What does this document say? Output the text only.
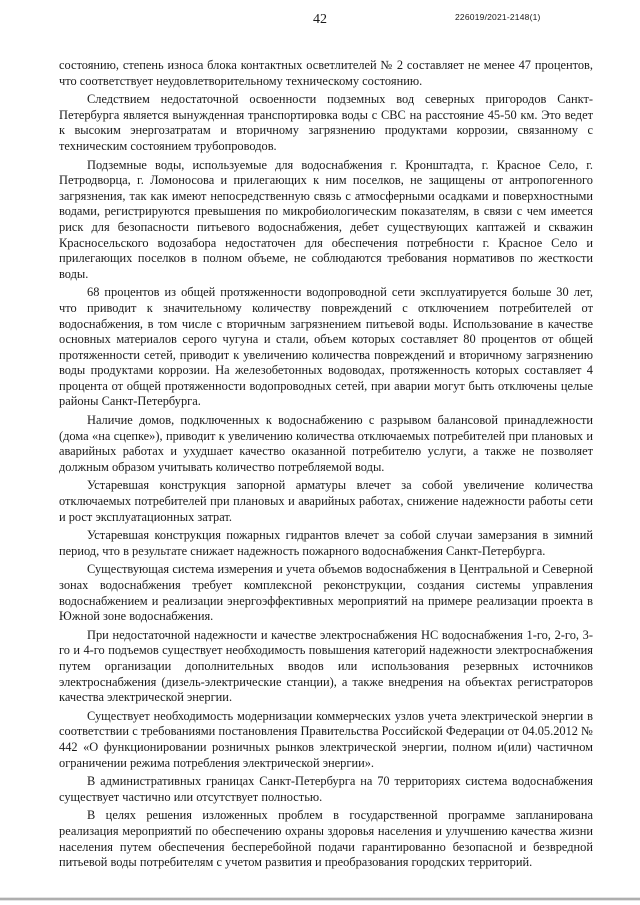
42	226019/2021-2148(1)

состоянию, степень износа блока контактных осветлителей № 2 составляет не менее 47 процентов, что соответствует неудовлетворительному техническому состоянию.

Следствием недостаточной освоенности подземных вод северных пригородов Санкт-Петербурга является вынужденная транспортировка воды с СВС на расстояние 45-50 км. Это ведет к высоким энергозатратам и вторичному загрязнению продуктами коррозии, связанному с техническим состоянием трубопроводов.

Подземные воды, используемые для водоснабжения г. Кронштадта, г. Красное Село, г. Петродворца, г. Ломоносова и прилегающих к ним поселков, не защищены от антропогенного загрязнения, так как имеют непосредственную связь с атмосферными осадками и поверхностными водами, регистрируются превышения по микробиологическим показателям, в связи с чем имеется риск для безопасности питьевого водоснабжения, дебет существующих каптажей и скважин Красносельского водозабора недостаточен для обеспечения потребности г. Красное Село и прилегающих поселков в полном объеме, не соблюдаются требования нормативов по жесткости воды.

68 процентов из общей протяженности водопроводной сети эксплуатируется больше 30 лет, что приводит к значительному количеству повреждений с отключением потребителей от водоснабжения, в том числе с вторичным загрязнением питьевой воды. Использование в качестве основных материалов серого чугуна и стали, объем которых составляет 80 процентов от общей протяженности сетей, приводит к увеличению количества повреждений и вторичному загрязнению воды продуктами коррозии. На железобетонных водоводах, протяженность которых составляет 4 процента от общей протяженности водопроводных сетей, при аварии могут быть отключены целые районы Санкт-Петербурга.

Наличие домов, подключенных к водоснабжению с разрывом балансовой принадлежности (дома «на сцепке»), приводит к увеличению количества отключаемых потребителей при плановых и аварийных работах и ухудшает качество оказанной потребителю услуги, а также не позволяет должным образом учитывать количество потребляемой воды.

Устаревшая конструкция запорной арматуры влечет за собой увеличение количества отключаемых потребителей при плановых и аварийных работах, снижение надежности работы сети и рост эксплуатационных затрат.

Устаревшая конструкция пожарных гидрантов влечет за собой случаи замерзания в зимний период, что в результате снижает надежность пожарного водоснабжения Санкт-Петербурга.

Существующая система измерения и учета объемов водоснабжения в Центральной и Северной зонах водоснабжения требует комплексной реконструкции, создания системы управления водоснабжением и реализации энергоэффективных мероприятий на примере реализации проекта в Южной зоне водоснабжения.

При недостаточной надежности и качестве электроснабжения НС водоснабжения 1-го, 2-го, 3-го и 4-го подъемов существует необходимость повышения категорий надежности электроснабжения путем организации дополнительных вводов или использования резервных источников электроснабжения (дизель-электрические станции), а также внедрения на объектах регистраторов качества электрической энергии.

Существует необходимость модернизации коммерческих узлов учета электрической энергии в соответствии с требованиями постановления Правительства Российской Федерации от 04.05.2012 № 442 «О функционировании розничных рынков электрической энергии, полном и(или) частичном ограничении режима потребления электрической энергии».

В административных границах Санкт-Петербурга на 70 территориях система водоснабжения существует частично или отсутствует полностью.

В целях решения изложенных проблем в государственной программе запланирована реализация мероприятий по обеспечению охраны здоровья населения и улучшению качества жизни населения путем обеспечения бесперебойной подачи гарантированно безопасной и безвредной питьевой воды потребителям с учетом развития и преобразования городских территорий.
